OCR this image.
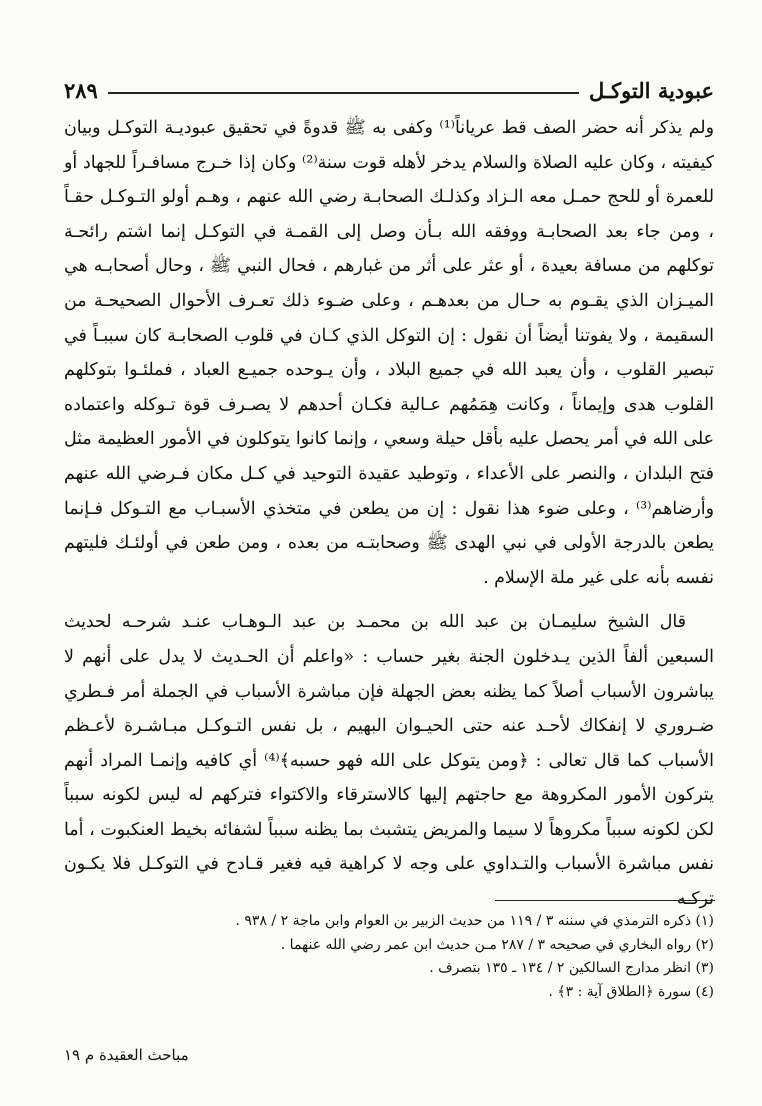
٢٨٩	عبودية التوكـل

ولم يذكر أنه حضر الصف قط عرياناً⁽¹⁾ وكفى به ﷺ قدوةً في تحقيق عبوديـة التوكـل وبيان كيفيته ، وكان عليه الصلاة والسلام يدخر لأهله قوت سنة⁽²⁾ وكان إذا خـرج مسافـراً للجهاد أو للعمرة أو للحج حمـل معه الـزاد وكذلـك الصحابـة رضي الله عنهم ، وهـم أولو التـوكـل حقـاً ، ومن جاء بعد الصحابـة ووفقه الله بـأن وصل إلى القمـة في التوكـل إنما اشتم رائحـة توكلهم من مسافة بعيدة ، أو عثر على أثر من غبارهم ، فحال النبي ﷺ ، وحال أصحابـه هي الميـزان الذي يقـوم به حـال من بعدهـم ، وعلى ضـوء ذلك تعـرف الأحوال الصحيحـة من السقيمة ، ولا يفوتنا أيضاً أن نقول : إن التوكل الذي كـان في قلوب الصحابـة كان سببـاً في تبصير القلوب ، وأن يعبد الله في جميع البلاد ، وأن يـوحده جميـع العباد ، فملئـوا بتوكلهم القلوب هدى وإيماناً ، وكانت هِمَمُهم عـالية فكـان أحدهم لا يصـرف قوة تـوكله واعتماده على الله في أمر يحصل عليه بأقل حيلة وسعي ، وإنما كانوا يتوكلون في الأمور العظيمة مثل فتح البلدان ، والنصر على الأعداء ، وتوطيد عقيدة التوحيد في كـل مكان فـرضي الله عنهم وأرضاهم⁽³⁾ ، وعلى ضوء هذا نقول : إن من يطعن في متخذي الأسبـاب مع التـوكل فـإنما يطعن بالدرجة الأولى في نبي الهدى ﷺ وصحابتـه من بعده ، ومن طعن في أولئـك فليتهم نفسه بأنه على غير ملة الإسلام .

قال الشيخ سليمـان بن عبد الله بن محمـد بن عبد الـوهـاب عنـد شرحـه لحديث السبعين ألفاً الذين يـدخلون الجنة بغير حساب : «واعلم أن الحـديث لا يدل على أنهم لا يباشرون الأسباب أصلاً كما يظنه بعض الجهلة فإن مباشرة الأسباب في الجملة أمر فـطري ضـروري لا إنفكاك لأحـد عنه حتى الحيـوان البهيم ، بل نفس التـوكـل مبـاشـرة لأعـظم الأسباب كما قال تعالى : ﴿ومن يتوكل على الله فهو حسبه﴾⁽⁴⁾ أي كافيه وإنمـا المراد أنهم يتركون الأمور المكروهة مع حاجتهم إليها كالاسترقاء والاكتواء فتركهم له ليس لكونه سبباً لكن لكونه سبباً مكروهاً لا سيما والمريض يتشبث بما يظنه سبباً لشفائه بخيط العنكبوت ، أما نفس مباشرة الأسباب والتـداوي على وجه لا كراهية فيه فغير قـادح في التوكـل فلا يكـون تركـه

(١) ذكره الترمذي في سننه ٣ / ١١٩ من حديث الزبير بن العوام وابن ماجة ٢ / ٩٣٨ .
(٢) رواه البخاري في صحيحه ٣ / ٢٨٧ مـن حديث ابن عمر رضي الله عنهما .
(٣) انظر مدارج السالكين ٢ / ١٣٤ ـ ١٣٥ بتصرف .
(٤) سورة ﴿الطلاق آية : ٣﴾ .
مباحث العقيدة م ١٩
